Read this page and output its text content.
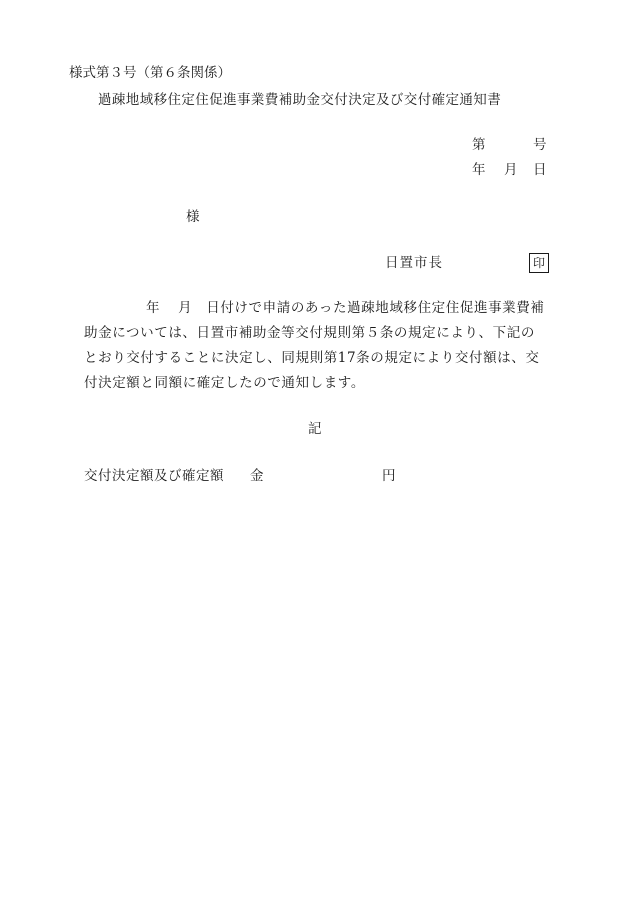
様式第３号（第６条関係）
過疎地域移住定住促進事業費補助金交付決定及び交付確定通知書
第	号
年 月 日
様
日置市長	印
年 月 日付けで申請のあった過疎地域移住定住促進事業費補
助金については、日置市補助金等交付規則第５条の規定により、下記の
とおり交付することに決定し、同規則第17条の規定により交付額は、交
付決定額と同額に確定したので通知します。
記
交付決定額及び確定額 金	円
